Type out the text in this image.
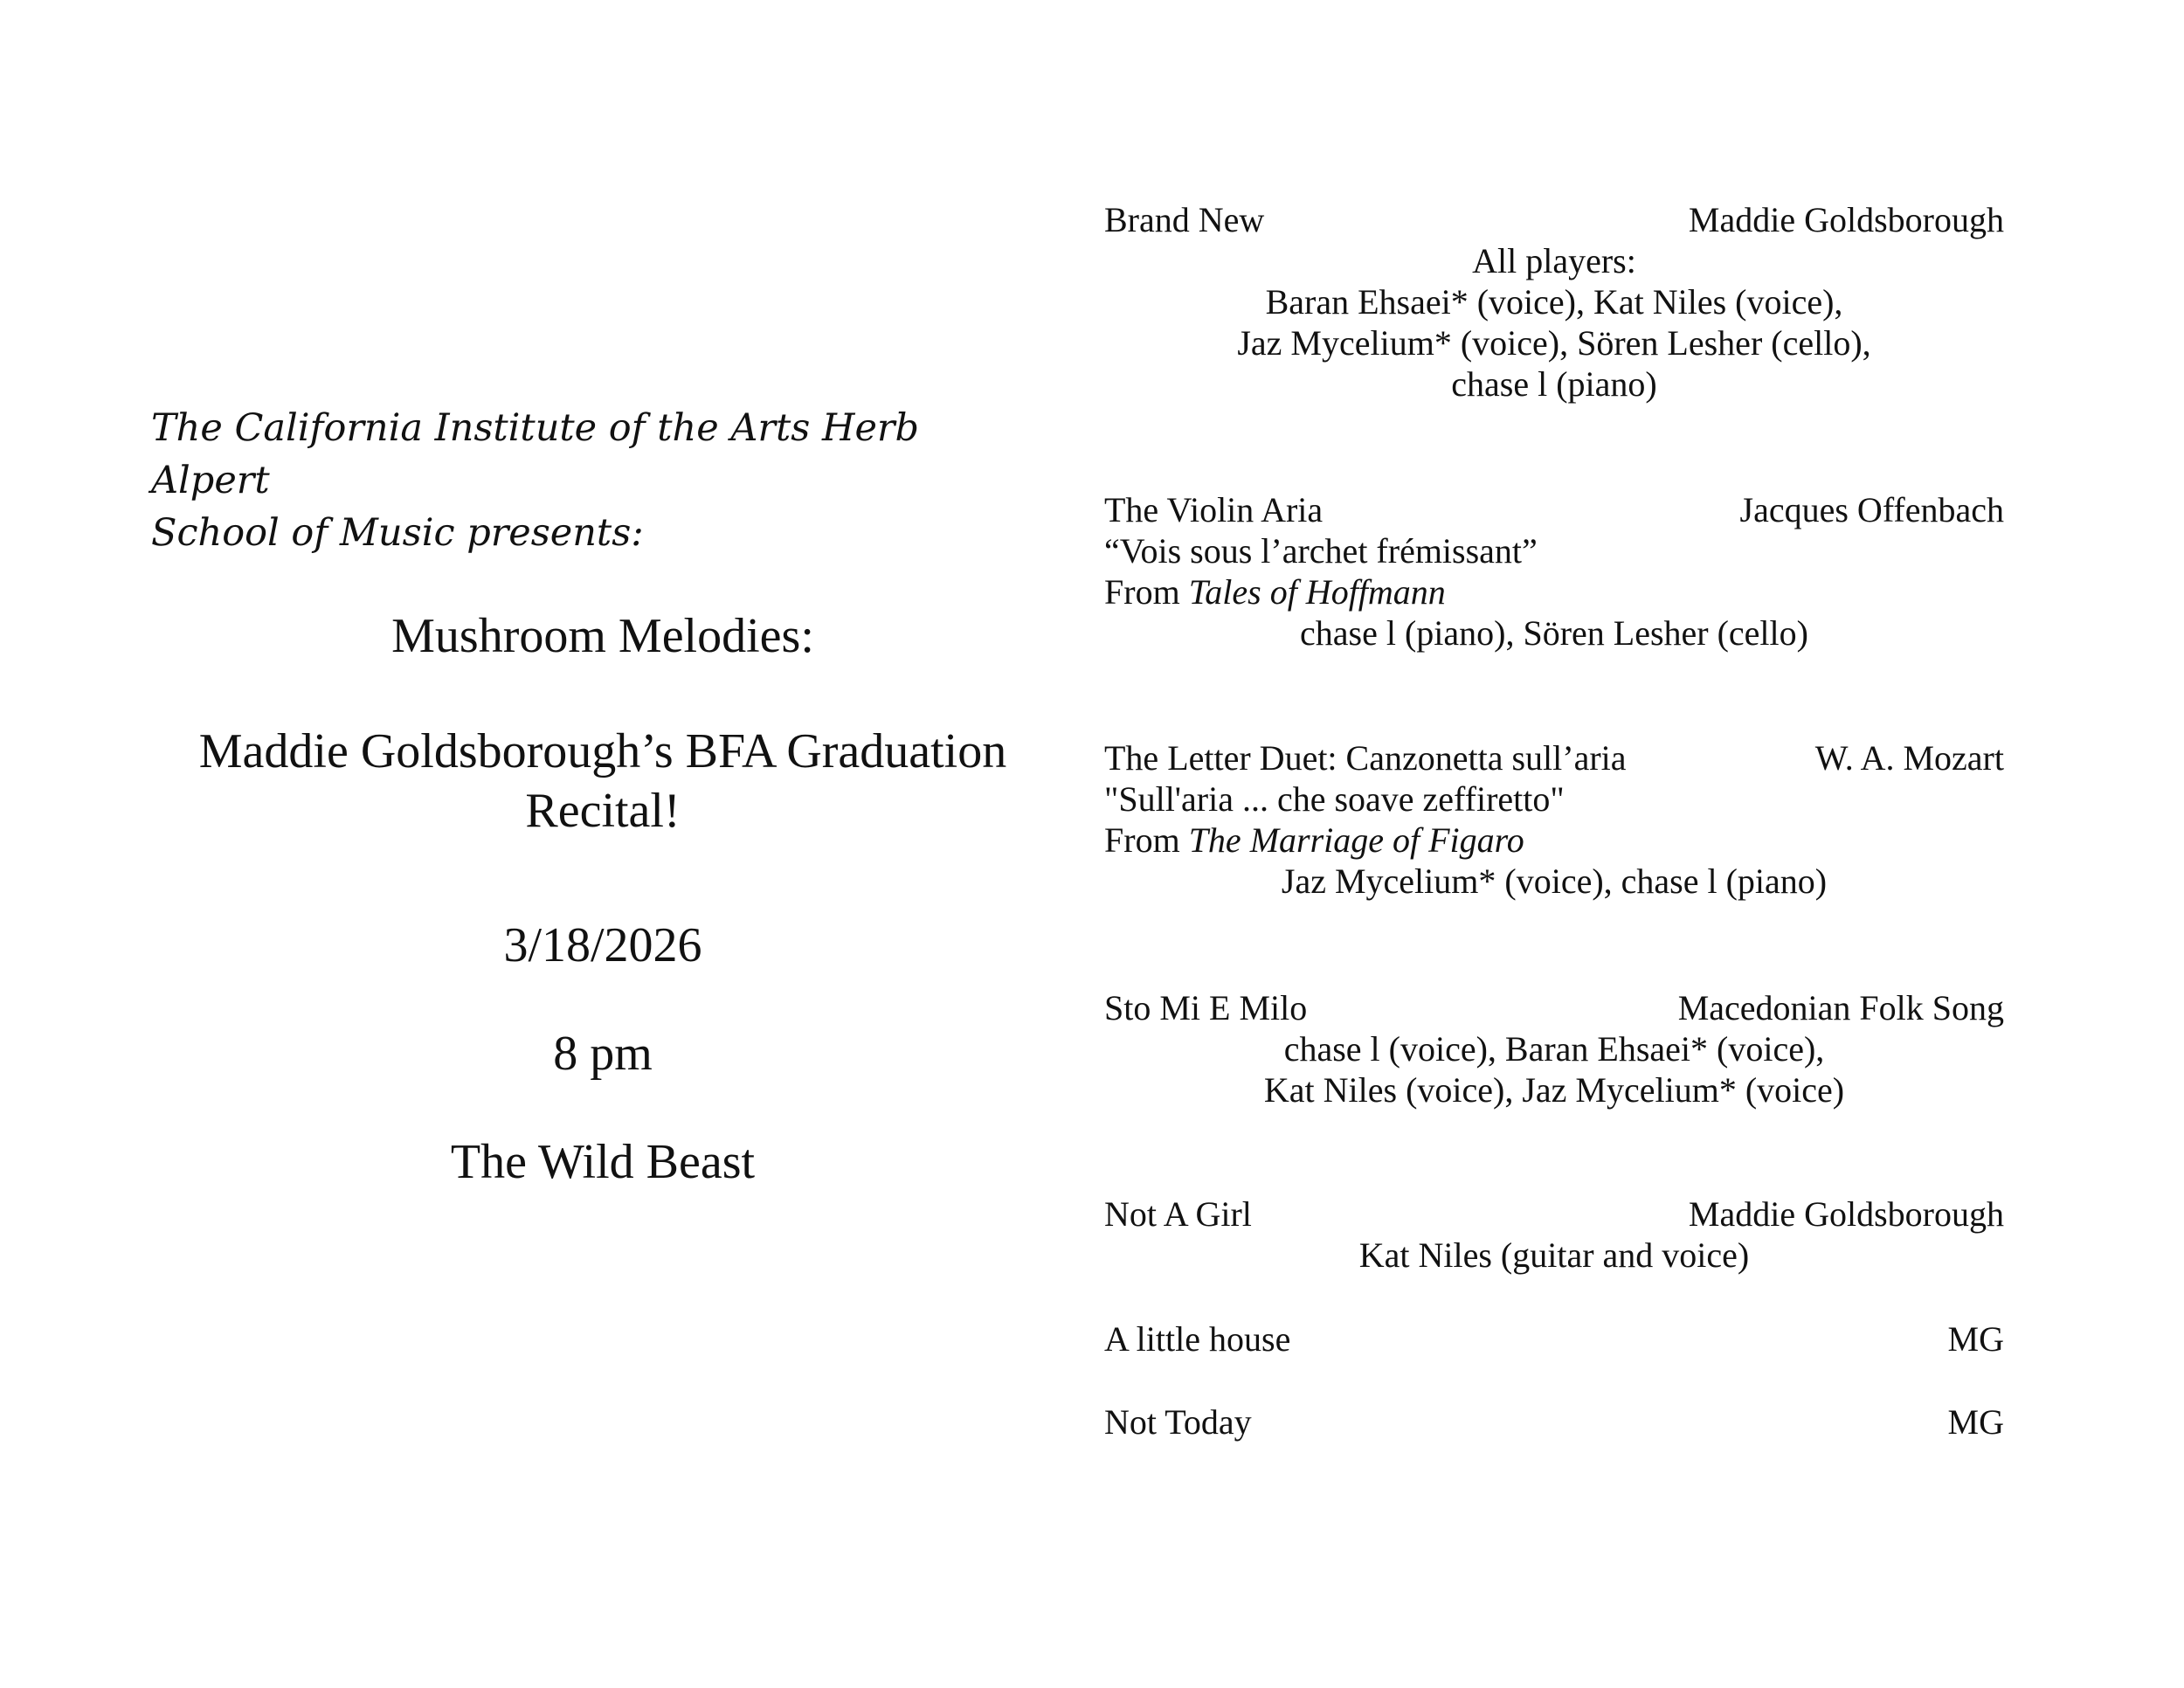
The California Institute of the Arts Herb Alpert
School of Music presents:
Mushroom Melodies:
Maddie Goldsborough’s BFA Graduation
Recital!
3/18/2026
8 pm
The Wild Beast
Brand New	Maddie Goldsborough
All players:
Baran Ehsaei* (voice), Kat Niles (voice),
Jaz Mycelium* (voice), Sören Lesher (cello),
chase l (piano)
The Violin Aria	Jacques Offenbach
“Vois sous l’archet frémissant”
From Tales of Hoffmann
chase l (piano), Sören Lesher (cello)
The Letter Duet: Canzonetta sull’aria	W. A. Mozart
"Sull'aria ... che soave zeffiretto"
From The Marriage of Figaro
Jaz Mycelium* (voice), chase l (piano)
Sto Mi E Milo	Macedonian Folk Song
chase l (voice), Baran Ehsaei* (voice),
Kat Niles (voice), Jaz Mycelium* (voice)
Not A Girl	Maddie Goldsborough
Kat Niles (guitar and voice)
A little house	MG
Not Today	MG
